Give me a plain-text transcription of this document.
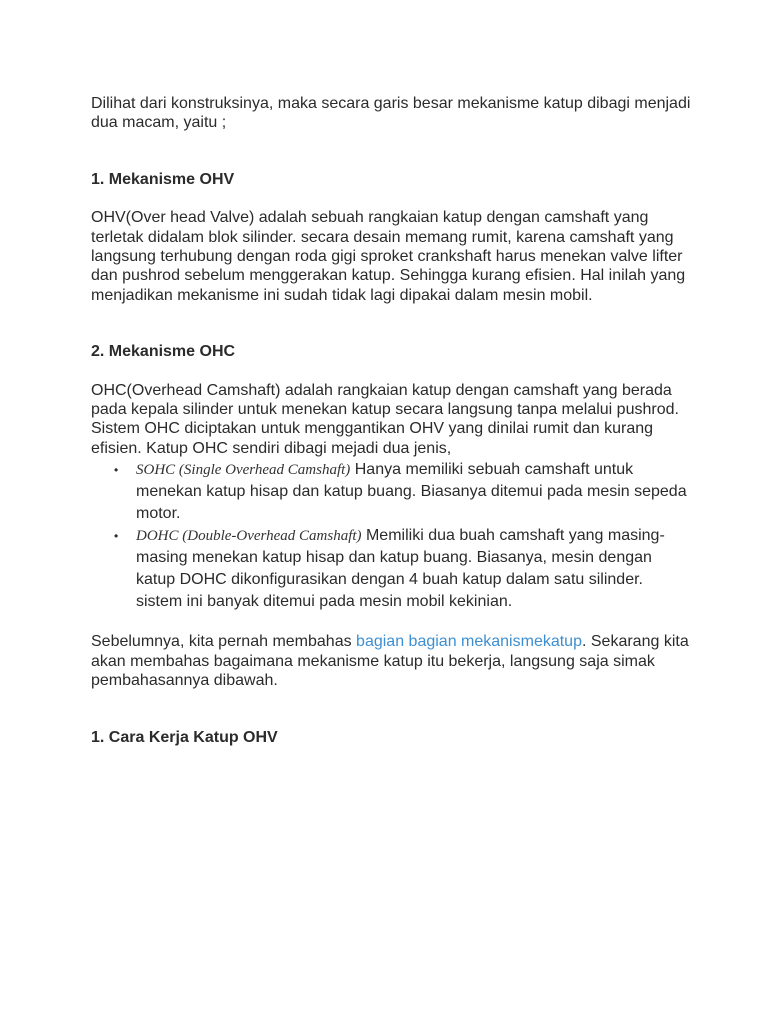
Dilihat dari konstruksinya, maka secara garis besar mekanisme katup dibagi menjadi dua macam, yaitu ;

1. Mekanisme OHV

OHV(Over head Valve) adalah sebuah rangkaian katup dengan camshaft yang terletak didalam blok silinder. secara desain memang rumit, karena camshaft yang langsung terhubung dengan roda gigi sproket crankshaft harus menekan valve lifter dan pushrod sebelum menggerakan katup. Sehingga kurang efisien. Hal inilah yang menjadikan mekanisme ini sudah tidak lagi dipakai dalam mesin mobil.

2. Mekanisme OHC

OHC(Overhead Camshaft) adalah rangkaian katup dengan camshaft yang berada pada kepala silinder untuk menekan katup secara langsung tanpa melalui pushrod. Sistem OHC diciptakan untuk menggantikan OHV yang dinilai rumit dan kurang efisien. Katup OHC sendiri dibagi mejadi dua jenis,

• SOHC (Single Overhead Camshaft) Hanya memiliki sebuah camshaft untuk menekan katup hisap dan katup buang. Biasanya ditemui pada mesin sepeda motor.
• DOHC (Double-Overhead Camshaft) Memiliki dua buah camshaft yang masing-masing menekan katup hisap dan katup buang. Biasanya, mesin dengan katup DOHC dikonfigurasikan dengan 4 buah katup dalam satu silinder. sistem ini banyak ditemui pada mesin mobil kekinian.

Sebelumnya, kita pernah membahas bagian bagian mekanismekatup. Sekarang kita akan membahas bagaimana mekanisme katup itu bekerja, langsung saja simak pembahasannya dibawah.

1. Cara Kerja Katup OHV
